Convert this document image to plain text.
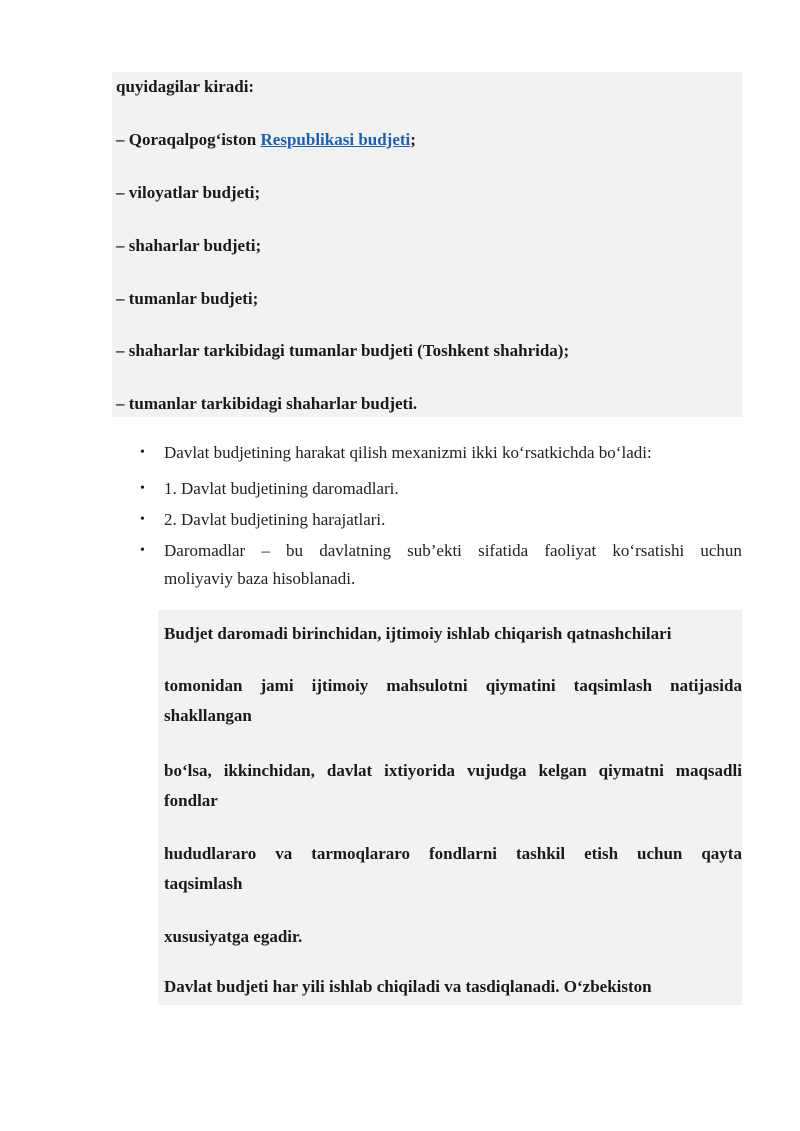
quyidagilar kiradi:
– Qoraqalpog‘iston Respublikasi budjeti;
– viloyatlar budjeti;
– shaharlar budjeti;
– tumanlar budjeti;
– shaharlar tarkibidagi tumanlar budjeti (Toshkent shahrida);
– tumanlar tarkibidagi shaharlar budjeti.
• Davlat budjetining harakat qilish mexanizmi ikki ko‘rsatkichda bo‘ladi:
• 1. Davlat budjetining daromadlari.
• 2. Davlat budjetining harajatlari.
• Daromadlar – bu davlatning sub’ekti sifatida faoliyat ko‘rsatishi uchun
moliyaviy baza hisoblanadi.
Budjet daromadi birinchidan, ijtimoiy ishlab chiqarish qatnashchilari
tomonidan jami ijtimoiy mahsulotni qiymatini taqsimlash natijasida
shakllangan
bo‘lsa, ikkinchidan, davlat ixtiyorida vujudga kelgan qiymatni maqsadli
fondlar
hududlararo va tarmoqlararo fondlarni tashkil etish uchun qayta
taqsimlash
xususiyatga egadir.
Davlat budjeti har yili ishlab chiqiladi va tasdiqlanadi. O‘zbekiston
